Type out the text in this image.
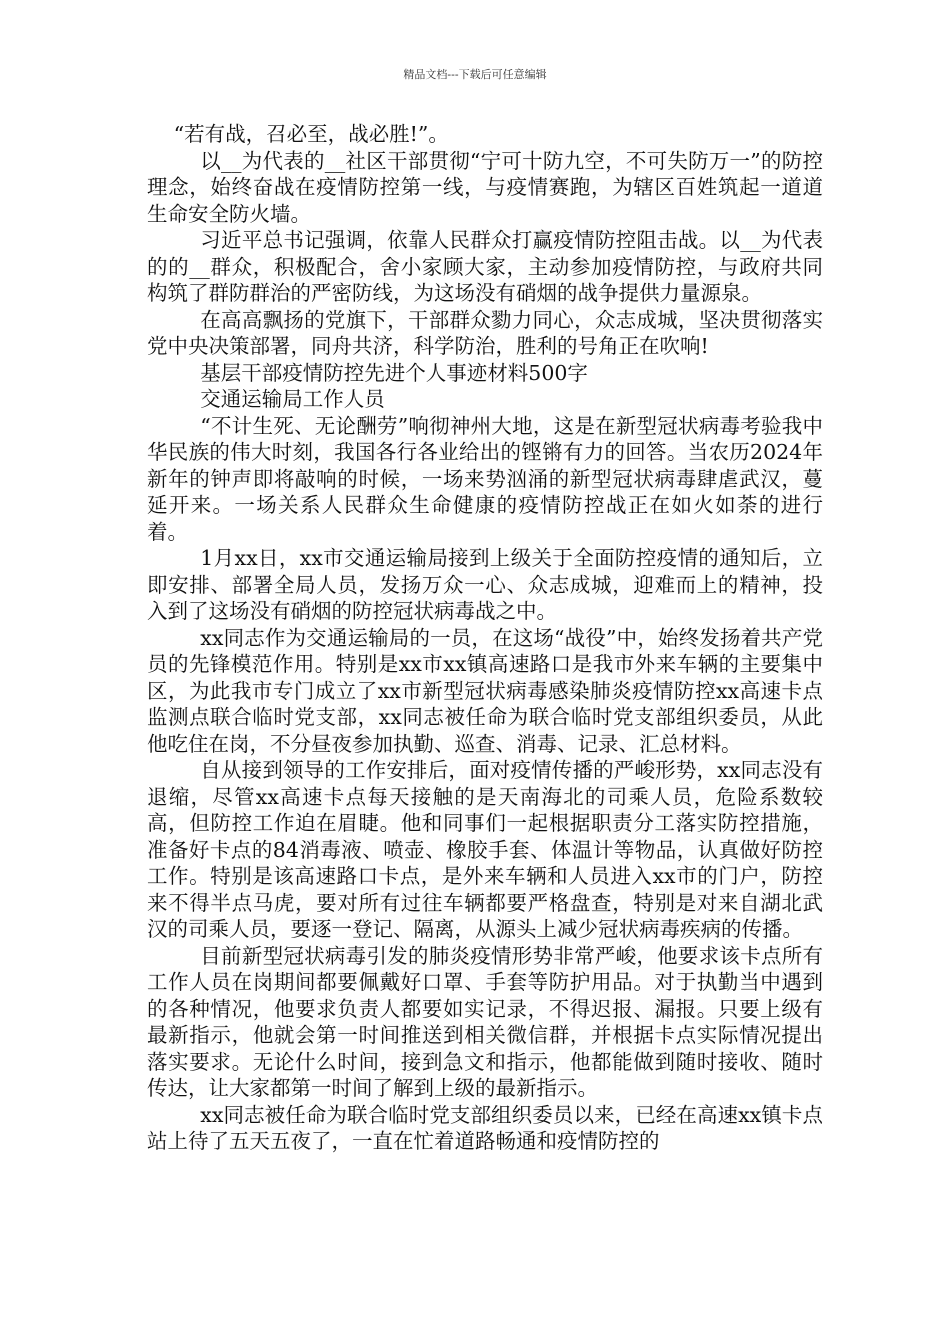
精品文档---下载后可任意编辑

“若有战，召必至，战必胜!”。

以__为代表的__社区干部贯彻“宁可十防九空，不可失防万一”的防控理念，始终奋战在疫情防控第一线，与疫情赛跑，为辖区百姓筑起一道道生命安全防火墙。

习近平总书记强调，依靠人民群众打赢疫情防控阻击战。以__为代表的的__群众，积极配合，舍小家顾大家，主动参加疫情防控，与政府共同构筑了群防群治的严密防线，为这场没有硝烟的战争提供力量源泉。

在高高飘扬的党旗下，干部群众勠力同心，众志成城，坚决贯彻落实党中央决策部署，同舟共济，科学防治，胜利的号角正在吹响!

基层干部疫情防控先进个人事迹材料500字

交通运输局工作人员

“不计生死、无论酬劳”响彻神州大地，这是在新型冠状病毒考验我中华民族的伟大时刻，我国各行各业给出的铿锵有力的回答。当农历2024年新年的钟声即将敲响的时候，一场来势汹涌的新型冠状病毒肆虐武汉，蔓延开来。一场关系人民群众生命健康的疫情防控战正在如火如荼的进行着。

1月xx日，xx市交通运输局接到上级关于全面防控疫情的通知后，立即安排、部署全局人员，发扬万众一心、众志成城，迎难而上的精神，投入到了这场没有硝烟的防控冠状病毒战之中。

xx同志作为交通运输局的一员，在这场“战役”中，始终发扬着共产党员的先锋模范作用。特别是xx市xx镇高速路口是我市外来车辆的主要集中区，为此我市专门成立了xx市新型冠状病毒感染肺炎疫情防控xx高速卡点监测点联合临时党支部，xx同志被任命为联合临时党支部组织委员，从此他吃住在岗，不分昼夜参加执勤、巡查、消毒、记录、汇总材料。

自从接到领导的工作安排后，面对疫情传播的严峻形势，xx同志没有退缩，尽管xx高速卡点每天接触的是天南海北的司乘人员，危险系数较高，但防控工作迫在眉睫。他和同事们一起根据职责分工落实防控措施，准备好卡点的84消毒液、喷壶、橡胶手套、体温计等物品，认真做好防控工作。特别是该高速路口卡点，是外来车辆和人员进入xx市的门户，防控来不得半点马虎，要对所有过往车辆都要严格盘查，特别是对来自湖北武汉的司乘人员，要逐一登记、隔离，从源头上减少冠状病毒疾病的传播。

目前新型冠状病毒引发的肺炎疫情形势非常严峻，他要求该卡点所有工作人员在岗期间都要佩戴好口罩、手套等防护用品。对于执勤当中遇到的各种情况，他要求负责人都要如实记录，不得迟报、漏报。只要上级有最新指示，他就会第一时间推送到相关微信群，并根据卡点实际情况提出落实要求。无论什么时间，接到急文和指示，他都能做到随时接收、随时传达，让大家都第一时间了解到上级的最新指示。

xx同志被任命为联合临时党支部组织委员以来，已经在高速xx镇卡点站上待了五天五夜了，一直在忙着道路畅通和疫情防控的
